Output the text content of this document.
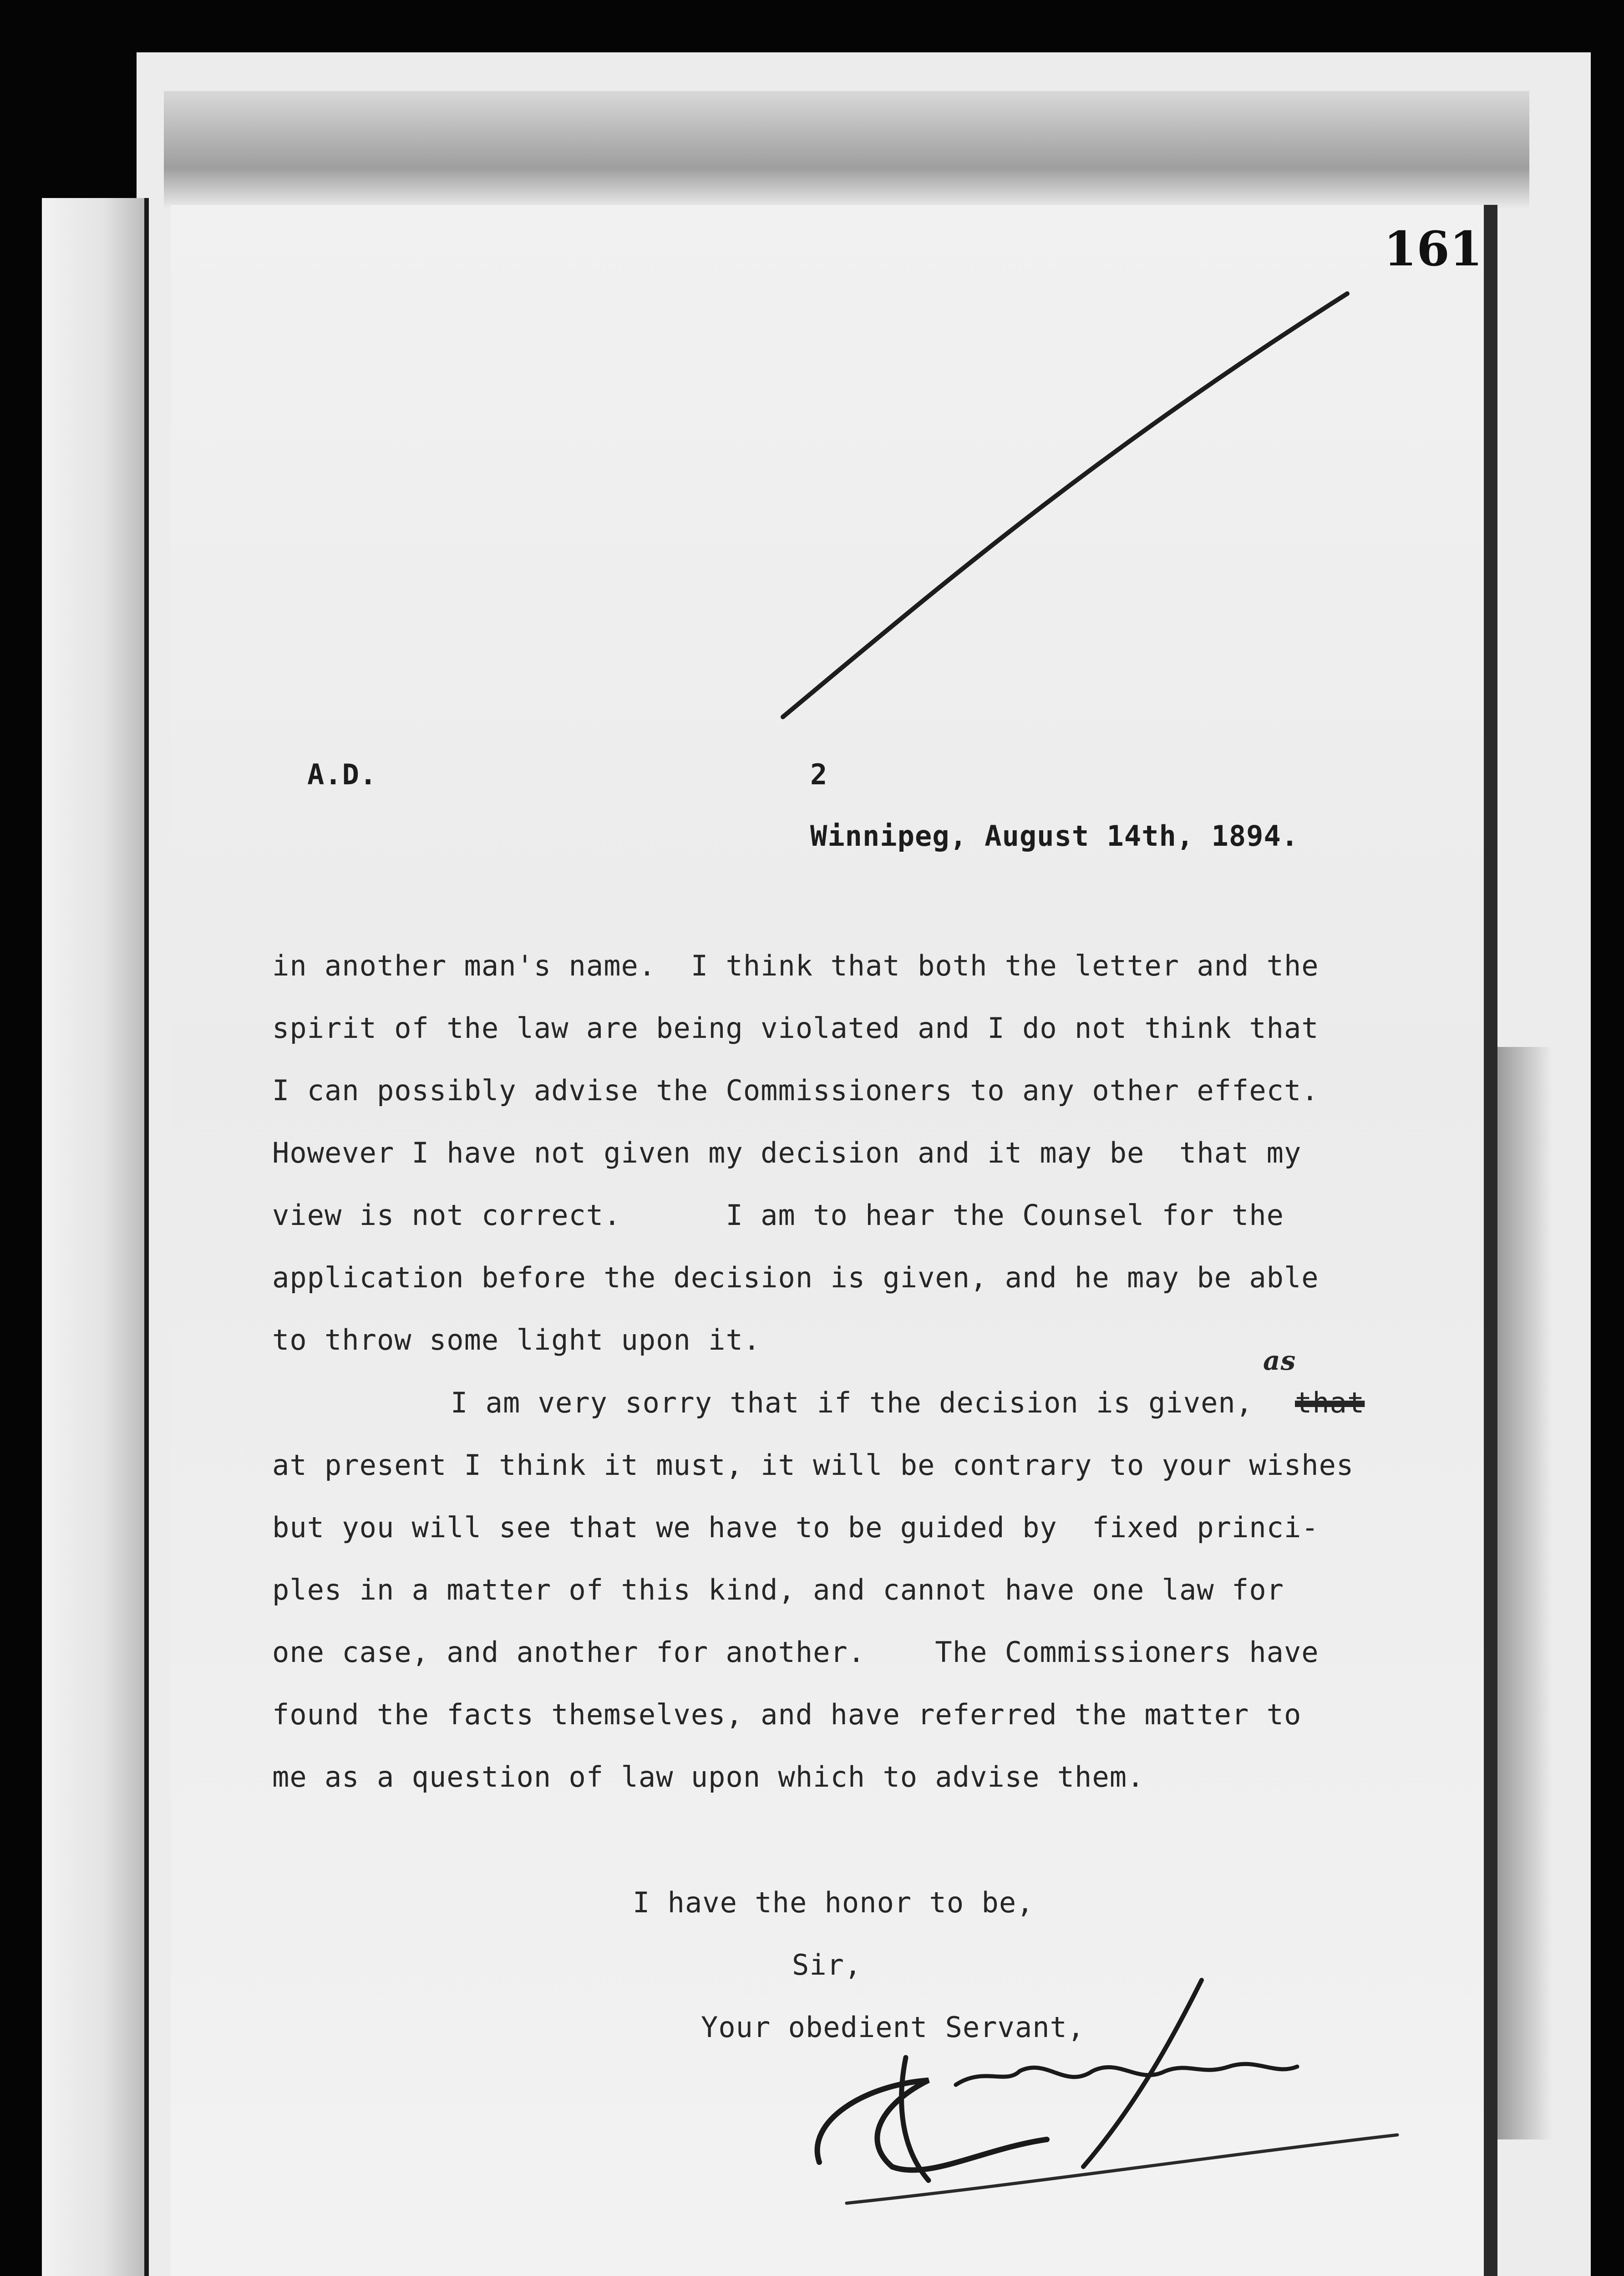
161
A.D.	2
Winnipeg, August 14th, 1894.
in another man's name.  I think that both the letter and the
spirit of the law are being violated and I do not think that
I can possibly advise the Commissioners to any other effect.
However I have not given my decision and it may be  that my
view is not correct.      I am to hear the Counsel for the
application before the decision is given, and he may be able
to throw some light upon it.
I am very sorry that if the decision is given, that
as
at present I think it must, it will be contrary to your wishes
but you will see that we have to be guided by  fixed princi-
ples in a matter of this kind, and cannot have one law for
one case, and another for another.    The Commissioners have
found the facts themselves, and have referred the matter to
me as a question of law upon which to advise them.
I have the honor to be,
Sir,
Your obedient Servant,
